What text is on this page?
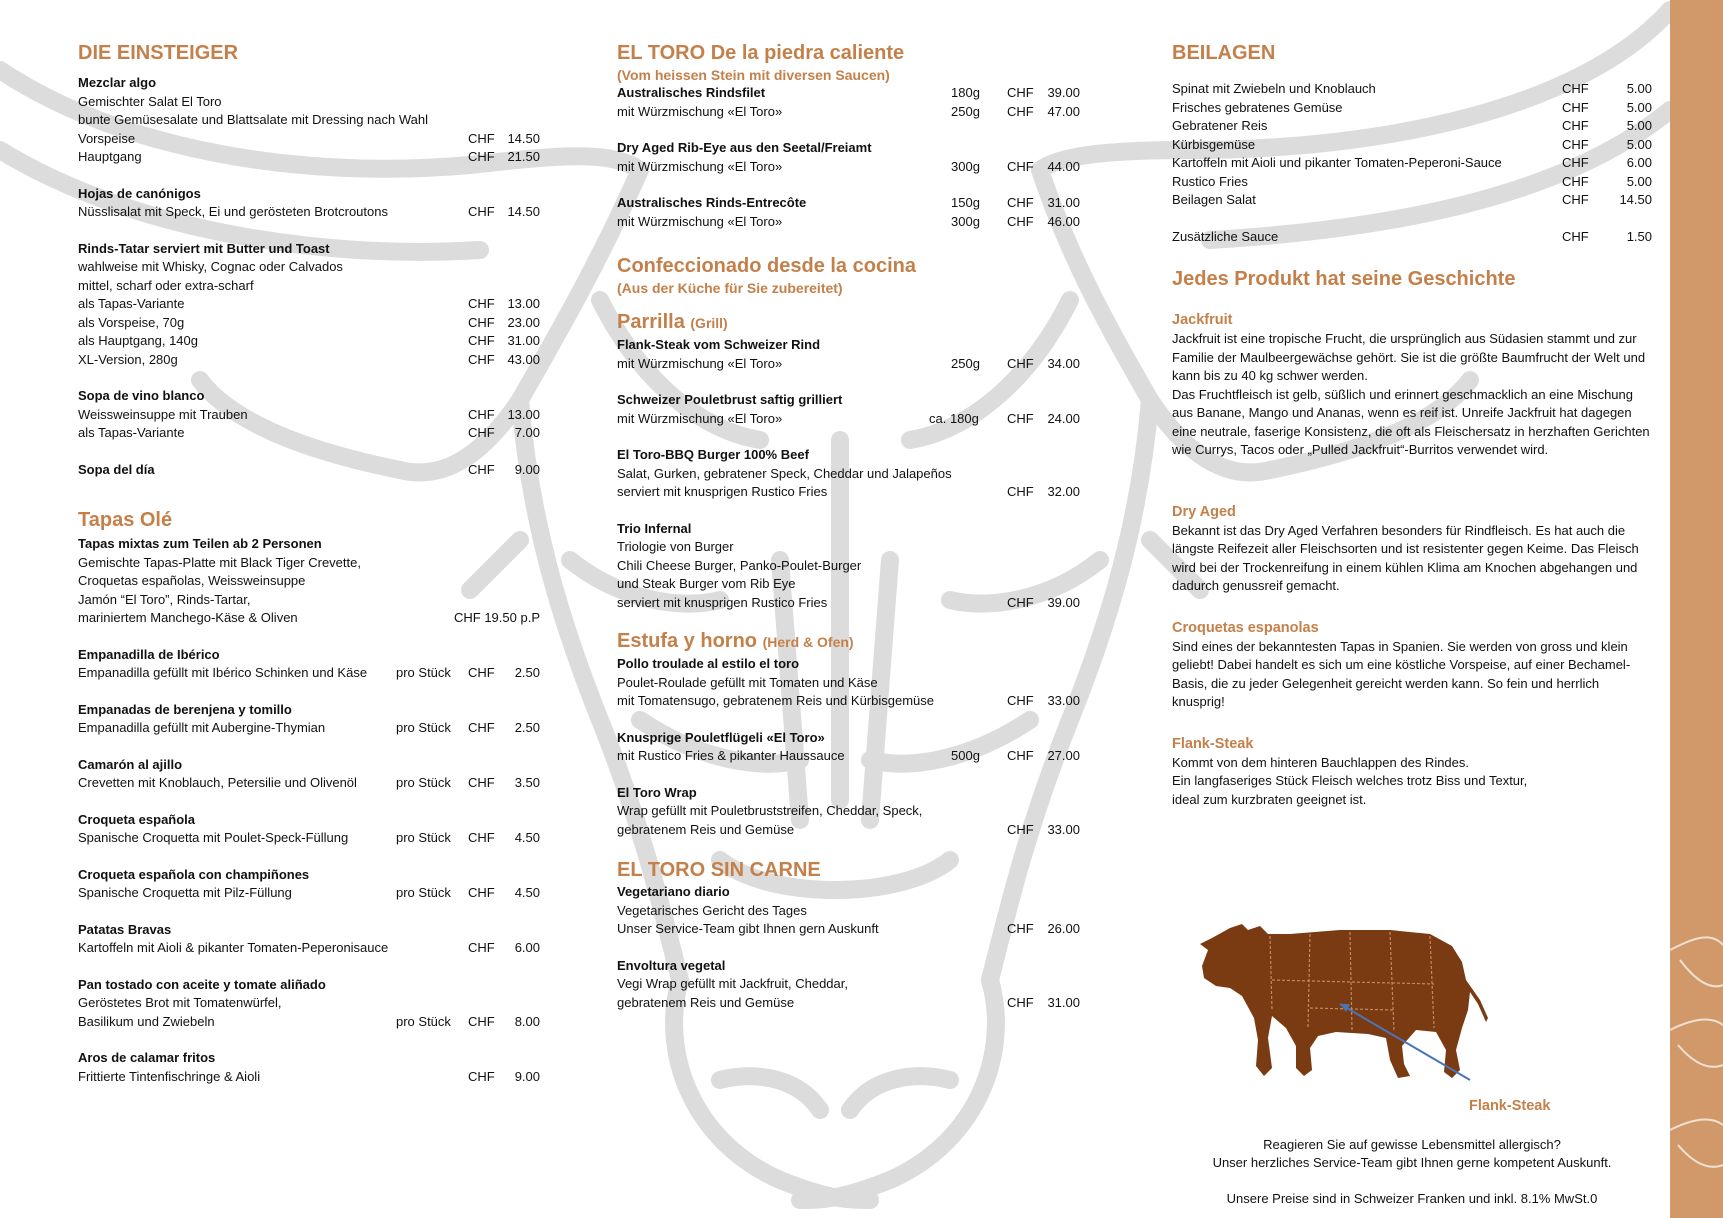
DIE EINSTEIGER
Mezclar algo
Gemischter Salat El Toro
bunte Gemüsesalate und Blattsalate mit Dressing nach Wahl
Vorspeise	CHF 14.50
Hauptgang	CHF 21.50
Hojas de canónigos
Nüsslisalat mit Speck, Ei und gerösteten Brotcroutons	CHF 14.50
Rinds-Tatar serviert mit Butter und Toast
wahlweise mit Whisky, Cognac oder Calvados
mittel, scharf oder extra-scharf
als Tapas-Variante	CHF 13.00
als Vorspeise, 70g	CHF 23.00
als Hauptgang, 140g	CHF 31.00
XL-Version, 280g	CHF 43.00
Sopa de vino blanco
Weissweinsuppe mit Trauben	CHF 13.00
als Tapas-Variante	CHF 7.00
Sopa del día	CHF 9.00
Tapas Olé
Tapas mixtas zum Teilen ab 2 Personen
Gemischte Tapas-Platte mit Black Tiger Crevette,
Croquetas españolas, Weissweinsuppe
Jamón “El Toro”, Rinds-Tartar,
mariniertem Manchego-Käse & Oliven	CHF 19.50 p.P
Empanadilla de Ibérico
Empanadilla gefüllt mit Ibérico Schinken und Käse pro Stück CHF 2.50
Empanadas de berenjena y tomillo
Empanadilla gefüllt mit Aubergine-Thymian	pro Stück CHF 2.50
Camarón al ajillo
Crevetten mit Knoblauch, Petersilie und Olivenöl	pro Stück CHF 3.50
Croqueta española
Spanische Croquetta mit Poulet-Speck-Füllung	pro Stück CHF 4.50
Croqueta española con champiñones
Spanische Croquetta mit Pilz-Füllung	pro Stück CHF 4.50
Patatas Bravas
Kartoffeln mit Aioli & pikanter Tomaten-Peperonisauce	CHF 6.00
Pan tostado con aceite y tomate aliñado
Geröstetes Brot mit Tomatenwürfel,
Basilikum und Zwiebeln	pro Stück CHF 8.00
Aros de calamar fritos
Frittierte Tintenfischringe & Aioli	CHF 9.00
EL TORO De la piedra caliente
(Vom heissen Stein mit diversen Saucen)
Australisches Rindsfilet	180g CHF 39.00
mit Würzmischung «El Toro»	250g CHF 47.00
Dry Aged Rib-Eye aus den Seetal/Freiamt
mit Würzmischung «El Toro»	300g CHF 44.00
Australisches Rinds-Entrecôte	150g CHF 31.00
mit Würzmischung «El Toro»	300g CHF 46.00
Confeccionado desde la cocina
(Aus der Küche für Sie zubereitet)
Parrilla (Grill)
Flank-Steak vom Schweizer Rind
mit Würzmischung «El Toro»	250g CHF 34.00
Schweizer Pouletbrust saftig grilliert
mit Würzmischung «El Toro»	ca. 180g CHF 24.00
El Toro-BBQ Burger 100% Beef
Salat, Gurken, gebratener Speck, Cheddar und Jalapeños
serviert mit knusprigen Rustico Fries	CHF 32.00
Trio Infernal
Triologie von Burger
Chili Cheese Burger, Panko-Poulet-Burger
und Steak Burger vom Rib Eye
serviert mit knusprigen Rustico Fries	CHF 39.00
Estufa y horno (Herd & Ofen)
Pollo troulade al estilo el toro
Poulet-Roulade gefüllt mit Tomaten und Käse
mit Tomatensugo, gebratenem Reis und Kürbisgemüse	CHF 33.00
Knusprige Pouletflügeli «El Toro»
mit Rustico Fries & pikanter Haussauce	500g CHF 27.00
El Toro Wrap
Wrap gefüllt mit Pouletbruststreifen, Cheddar, Speck,
gebratenem Reis und Gemüse	CHF 33.00
EL TORO SIN CARNE
Vegetariano diario
Vegetarisches Gericht des Tages
Unser Service-Team gibt Ihnen gern Auskunft	CHF 26.00
Envoltura vegetal
Vegi Wrap gefüllt mit Jackfruit, Cheddar,
gebratenem Reis und Gemüse	CHF 31.00
BEILAGEN
Spinat mit Zwiebeln und Knoblauch	CHF	5.00
Frisches gebratenes Gemüse	CHF	5.00
Gebratener Reis	CHF	5.00
Kürbisgemüse	CHF	5.00
Kartoffeln mit Aioli und pikanter Tomaten-Peperoni-Sauce	CHF	6.00
Rustico Fries	CHF	5.00
Beilagen Salat	CHF 14.50
Zusätzliche Sauce	CHF	1.50
Jedes Produkt hat seine Geschichte
Jackfruit
Jackfruit ist eine tropische Frucht, die ursprünglich aus Südasien stammt und zur Familie der Maulbeergewächse gehört. Sie ist die größte Baumfrucht der Welt und kann bis zu 40 kg schwer werden.
Das Fruchtfleisch ist gelb, süßlich und erinnert geschmacklich an eine Mischung aus Banane, Mango und Ananas, wenn es reif ist. Unreife Jackfruit hat dagegen eine neutrale, faserige Konsistenz, die oft als Fleischersatz in herzhaften Gerichten wie Currys, Tacos oder „Pulled Jackfruit“-Burritos verwendet wird.
Dry Aged
Bekannt ist das Dry Aged Verfahren besonders für Rindfleisch. Es hat auch die längste Reifezeit aller Fleischsorten und ist resistenter gegen Keime. Das Fleisch wird bei der Trockenreifung in einem kühlen Klima am Knochen abgehangen und dadurch genussreif gemacht.
Croquetas espanolas
Sind eines der bekanntesten Tapas in Spanien. Sie werden von gross und klein geliebt! Dabei handelt es sich um eine köstliche Vorspeise, auf einer Bechamel-Basis, die zu jeder Gelegenheit gereicht werden kann. So fein und herrlich knusprig!
Flank-Steak
Kommt von dem hinteren Bauchlappen des Rindes.
Ein langfaseriges Stück Fleisch welches trotz Biss und Textur,
ideal zum kurzbraten geeignet ist.
Flank-Steak
Reagieren Sie auf gewisse Lebensmittel allergisch?
Unser herzliches Service-Team gibt Ihnen gerne kompetent Auskunft.
Unsere Preise sind in Schweizer Franken und inkl. 8.1% MwSt.0
